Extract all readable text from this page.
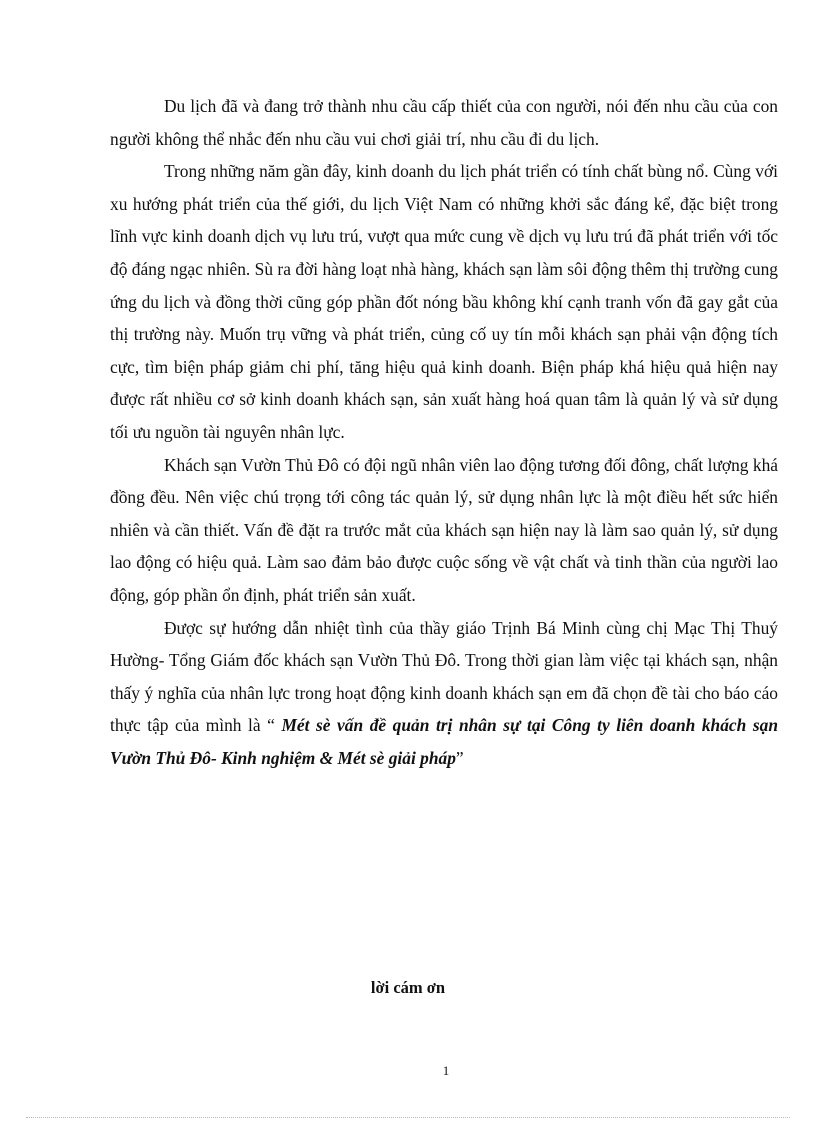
Du lịch đã và đang trở thành nhu cầu cấp thiết của con người, nói đến nhu cầu của con người không thể nhắc đến nhu cầu vui chơi giải trí, nhu cầu đi du lịch.

Trong những năm gần đây, kinh doanh du lịch phát triển có tính chất bùng nổ. Cùng với xu hướng phát triển của thế giới, du lịch Việt Nam có những khởi sắc đáng kể, đặc biệt trong lĩnh vực kinh doanh dịch vụ lưu trú, vượt qua mức cung về dịch vụ lưu trú đã phát triển với tốc độ đáng ngạc nhiên. Sù ra đời hàng loạt nhà hàng, khách sạn làm sôi động thêm thị trường cung ứng du lịch và đồng thời cũng góp phần đốt nóng bầu không khí cạnh tranh vốn đã gay gắt của thị trường này. Muốn trụ vững và phát triển, củng cố uy tín mỗi khách sạn phải vận động tích cực, tìm biện pháp giảm chi phí, tăng hiệu quả kinh doanh. Biện pháp khá hiệu quả hiện nay được rất nhiều cơ sở kinh doanh khách sạn, sản xuất hàng hoá quan tâm là quản lý và sử dụng tối ưu nguồn tài nguyên nhân lực.

Khách sạn Vườn Thủ Đô có đội ngũ nhân viên lao động tương đối đông, chất lượng khá đồng đều. Nên việc chú trọng tới công tác quản lý, sử dụng nhân lực là một điều hết sức hiển nhiên và cần thiết. Vấn đề đặt ra trước mắt của khách sạn hiện nay là làm sao quản lý, sử dụng lao động có hiệu quả. Làm sao đảm bảo được cuộc sống về vật chất và tinh thần của người lao động, góp phần ổn định, phát triển sản xuất.

Được sự hướng dẫn nhiệt tình của thầy giáo Trịnh Bá Minh cùng chị Mạc Thị Thuý Hường- Tổng Giám đốc khách sạn Vườn Thủ Đô. Trong thời gian làm việc tại khách sạn, nhận thấy ý nghĩa của nhân lực trong hoạt động kinh doanh khách sạn em đã chọn đề tài cho báo cáo thực tập của mình là “ Mét sè vấn đề quản trị nhân sự tại Công ty liên doanh khách sạn Vườn Thủ Đô- Kinh nghiệm & Mét sè giải pháp”

lời cám ơn
1
